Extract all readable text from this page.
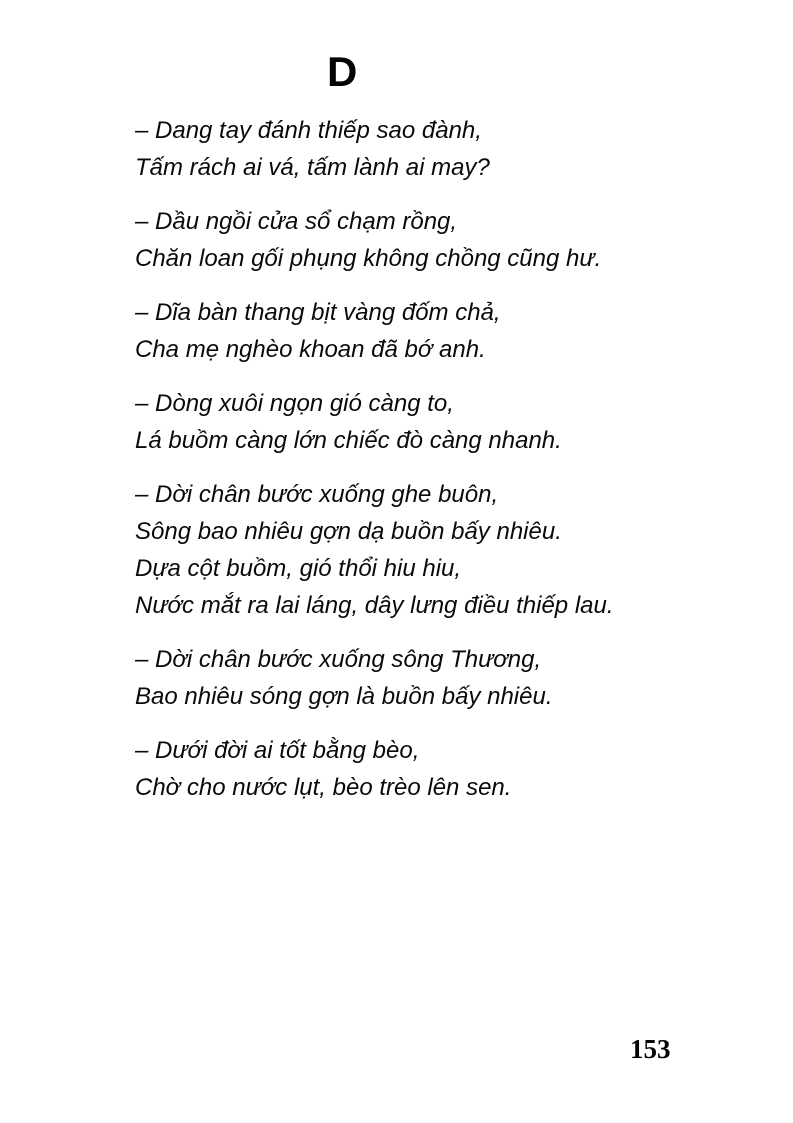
D

– Dang tay đánh thiếp sao đành,
Tấm rách ai vá, tấm lành ai may?

– Dầu ngồi cửa sổ chạm rồng,
Chăn loan gối phụng không chồng cũng hư.

– Dĩa bàn thang bịt vàng đốm chả,
Cha mẹ nghèo khoan đã bớ anh.

– Dòng xuôi ngọn gió càng to,
Lá buồm càng lớn chiếc đò càng nhanh.

– Dời chân bước xuống ghe buôn,
Sông bao nhiêu gợn dạ buồn bấy nhiêu.
Dựa cột buồm, gió thổi hiu hiu,
Nước mắt ra lai láng, dây lưng điều thiếp lau.

– Dời chân bước xuống sông Thương,
Bao nhiêu sóng gợn là buồn bấy nhiêu.

– Dưới đời ai tốt bằng bèo,
Chờ cho nước lụt, bèo trèo lên sen.

153
